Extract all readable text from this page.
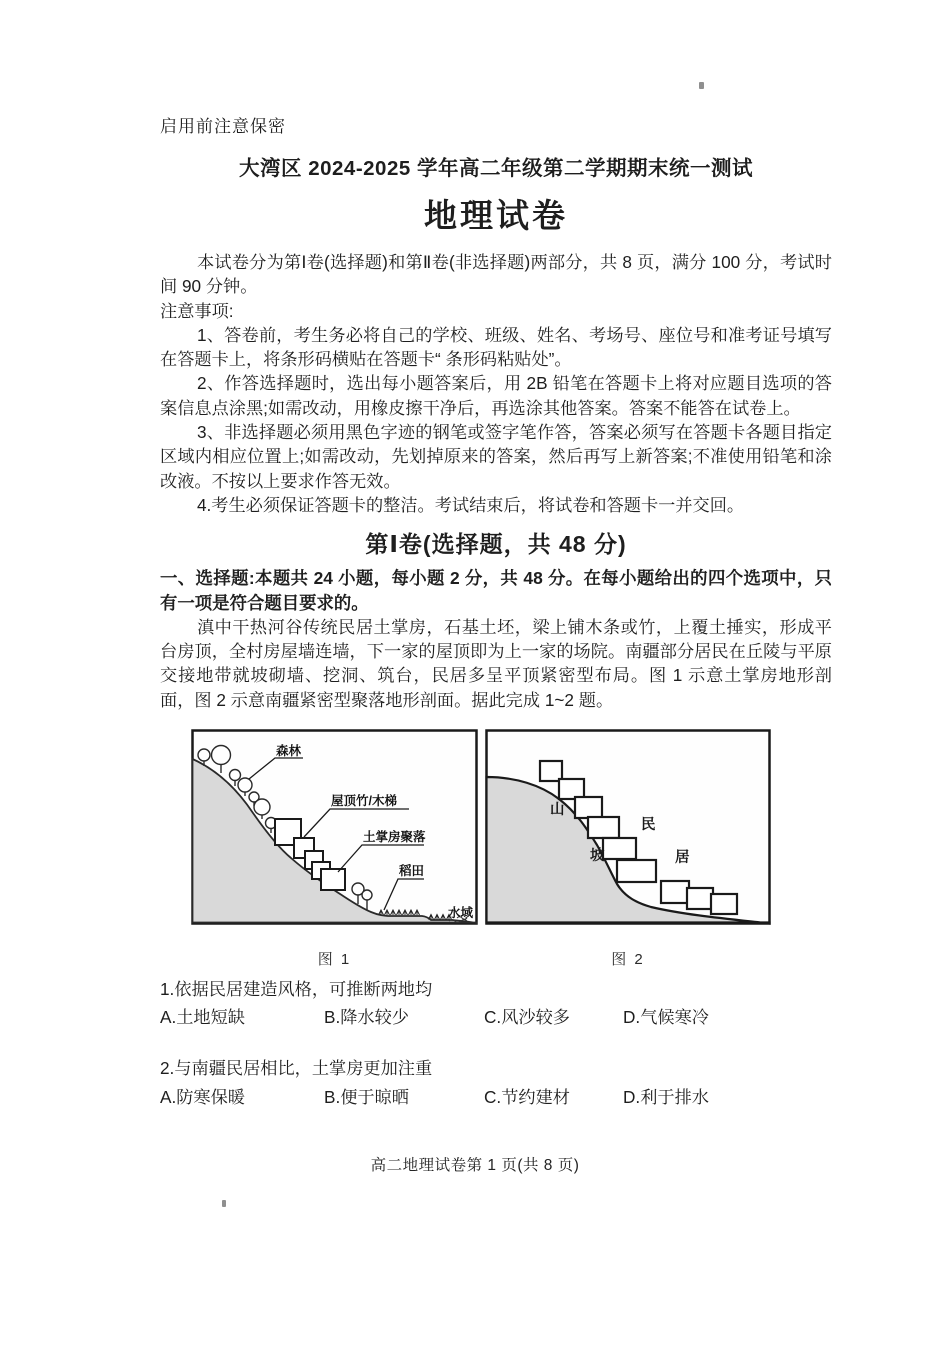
启用前注意保密
大湾区 2024-2025 学年高二年级第二学期期末统一测试
地理试卷

本试卷分为第Ⅰ卷(选择题)和第Ⅱ卷(非选择题)两部分，共 8 页，满分 100 分，考试时间 90 分钟。

注意事项:

1、答卷前，考生务必将自己的学校、班级、姓名、考场号、座位号和准考证号填写在答题卡上，将条形码横贴在答题卡“ 条形码粘贴处”。

2、作答选择题时，选出每小题答案后，用 2B 铅笔在答题卡上将对应题目选项的答案信息点涂黑;如需改动，用橡皮擦干净后，再选涂其他答案。答案不能答在试卷上。

3、非选择题必须用黑色字迹的钢笔或签字笔作答，答案必须写在答题卡各题目指定区域内相应位置上;如需改动，先划掉原来的答案，然后再写上新答案;不准使用铅笔和涂改液。不按以上要求作答无效。

4.考生必须保证答题卡的整洁。考试结束后，将试卷和答题卡一并交回。

第Ⅰ卷(选择题，共 48 分)

一、选择题:本题共 24 小题，每小题 2 分，共 48 分。在每小题给出的四个选项中，只有一项是符合题目要求的。

滇中干热河谷传统民居土掌房，石基土坯，梁上铺木条或竹，上覆土捶实，形成平台房顶，全村房屋墙连墙，下一家的屋顶即为上一家的场院。南疆部分居民在丘陵与平原交接地带就坡砌墙、挖洞、筑台，民居多呈平顶紧密型布局。图 1 示意土掌房地形剖面，图 2 示意南疆紧密型聚落地形剖面。据此完成 1~2 题。

森林
屋顶竹/木梯
土掌房聚落
稻田
水域
山
坡
民
居
图 1	图 2

1.依据民居建造风格，可推断两地均

A.土地短缺	B.降水较少	C.风沙较多	D.气候寒冷

2.与南疆民居相比，土掌房更加注重

A.防寒保暖	B.便于晾晒	C.节约建材	D.利于排水
高二地理试卷第 1 页(共 8 页)
